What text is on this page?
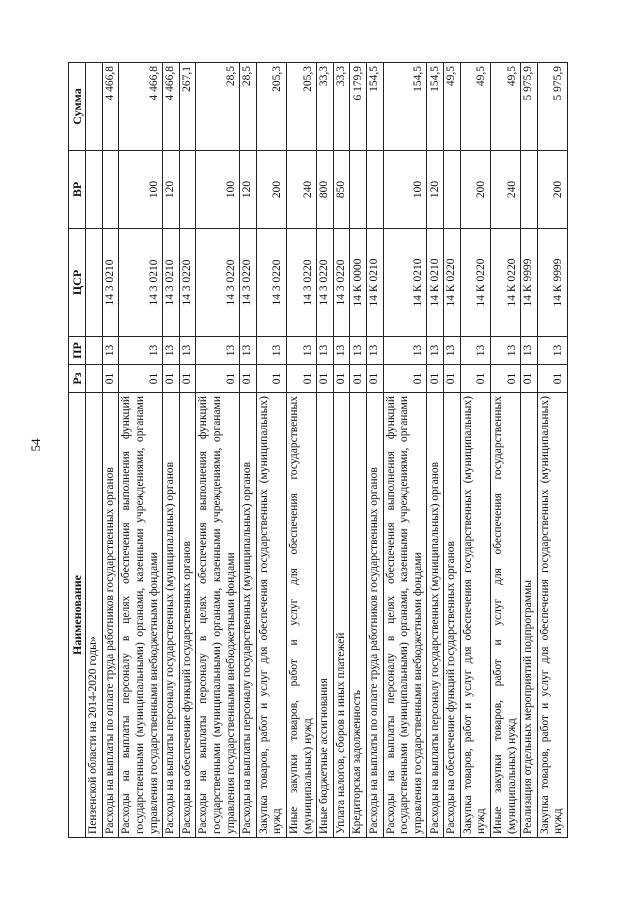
54
Наименование	Рз	ПР	ЦСР	ВР	Сумма
Пензенской области на 2014-2020 годы»					
Расходы на выплаты по оплате труда работников государственных органов	01	13	14 3 0210		4 466,8
Расходы на выплаты персоналу в целях обеспечения выполнения функций государственными (муниципальными) органами, казенными учреждениями, органами управления государственными внебюджетными фондами	01	13	14 3 0210	100	4 466,8
Расходы на выплаты персоналу государственных (муниципальных) органов	01	13	14 3 0210	120	4 466,8
Расходы на обеспечение функций государственных органов	01	13	14 3 0220		267,1
Расходы на выплаты персоналу в целях обеспечения выполнения функций государственными (муниципальными) органами, казенными учреждениями, органами управления государственными внебюджетными фондами	01	13	14 3 0220	100	28,5
Расходы на выплаты персоналу государственных (муниципальных) органов	01	13	14 3 0220	120	28,5
Закупка товаров, работ и услуг для обеспечения государственных (муниципальных) нужд	01	13	14 3 0220	200	205,3
Иные закупки товаров, работ и услуг для обеспечения государственных (муниципальных) нужд	01	13	14 3 0220	240	205,3
Иные бюджетные ассигнования	01	13	14 3 0220	800	33,3
Уплата налогов, сборов и иных платежей	01	13	14 3 0220	850	33,3
Кредиторская задолженность	01	13	14 К 0000		6 179,9
Расходы на выплаты по оплате труда работников государственных органов	01	13	14 К 0210		154,5
Расходы на выплаты персоналу в целях обеспечения выполнения функций государственными (муниципальными) органами, казенными учреждениями, органами управления государственными внебюджетными фондами	01	13	14 К 0210	100	154,5
Расходы на выплаты персоналу государственных (муниципальных) органов	01	13	14 К 0210	120	154,5
Расходы на обеспечение функций государственных органов	01	13	14 К 0220		49,5
Закупка товаров, работ и услуг для обеспечения государственных (муниципальных) нужд	01	13	14 К 0220	200	49,5
Иные закупки товаров, работ и услуг для обеспечения государственных (муниципальных) нужд	01	13	14 К 0220	240	49,5
Реализация отдельных мероприятий подпрограммы	01	13	14 К 9999		5 975,9
Закупка товаров, работ и услуг для обеспечения государственных (муниципальных) нужд	01	13	14 К 9999	200	5 975,9
